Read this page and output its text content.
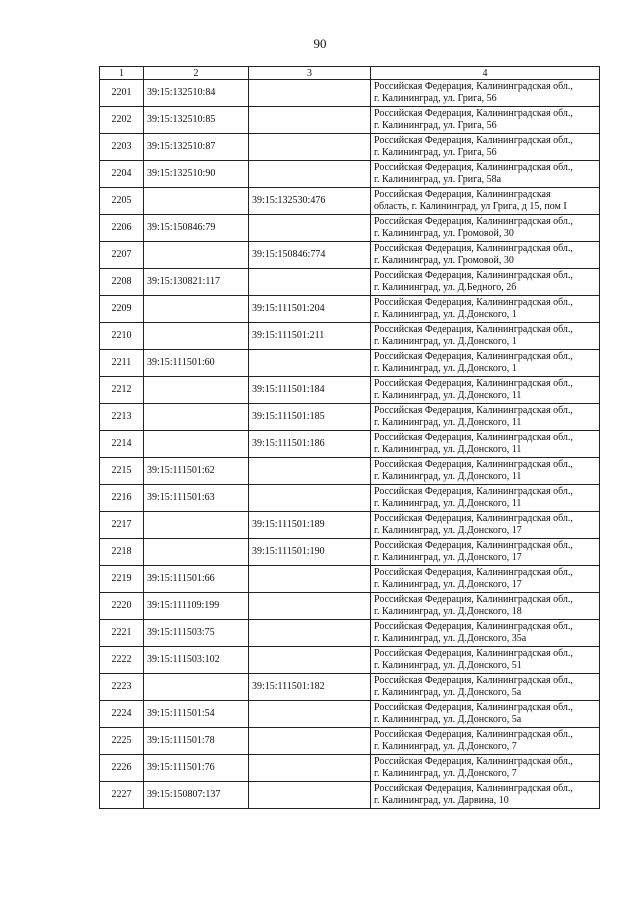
90
1	2	3	4
2201	39:15:132510:84		Российская Федерация, Калининградская обл.,
г. Калининград, ул. Грига, 56

2202	39:15:132510:85		Российская Федерация, Калининградская обл.,
г. Калининград, ул. Грига, 56

2203	39:15:132510:87		Российская Федерация, Калининградская обл.,
г. Калининград, ул. Грига, 56

2204	39:15:132510:90		Российская Федерация, Калининградская обл.,
г. Калининград, ул. Грига, 58а

2205		39:15:132530:476	Российская Федерация, Калининградская
область, г. Калининград, ул Грига, д 15, пом I

2206	39:15:150846:79		Российская Федерация, Калининградская обл.,
г. Калининград, ул. Громовой, 30

2207		39:15:150846:774	Российская Федерация, Калининградская обл.,
г. Калининград, ул. Громовой, 30

2208	39:15:130821:117		Российская Федерация, Калининградская обл.,
г. Калининград, ул. Д.Бедного, 2б

2209		39:15:111501:204	Российская Федерация, Калининградская обл.,
г. Калининград, ул. Д.Донского, 1

2210		39:15:111501:211	Российская Федерация, Калининградская обл.,
г. Калининград, ул. Д.Донского, 1

2211	39:15:111501:60		Российская Федерация, Калининградская обл.,
г. Калининград, ул. Д.Донского, 1

2212		39:15:111501:184	Российская Федерация, Калининградская обл.,
г. Калининград, ул. Д.Донского, 11

2213		39:15:111501:185	Российская Федерация, Калининградская обл.,
г. Калининград, ул. Д.Донского, 11

2214		39:15:111501:186	Российская Федерация, Калининградская обл.,
г. Калининград, ул. Д.Донского, 11

2215	39:15:111501:62		Российская Федерация, Калининградская обл.,
г. Калининград, ул. Д.Донского, 11

2216	39:15:111501:63		Российская Федерация, Калининградская обл.,
г. Калининград, ул. Д.Донского, 11

2217		39:15:111501:189	Российская Федерация, Калининградская обл.,
г. Калининград, ул. Д.Донского, 17

2218		39:15:111501:190	Российская Федерация, Калининградская обл.,
г. Калининград, ул. Д.Донского, 17

2219	39:15:111501:66		Российская Федерация, Калининградская обл.,
г. Калининград, ул. Д.Донского, 17

2220	39:15:111109:199		Российская Федерация, Калининградская обл.,
г. Калининград, ул. Д.Донского, 18

2221	39:15:111503:75		Российская Федерация, Калининградская обл.,
г. Калининград, ул. Д.Донского, 35а

2222	39:15:111503:102		Российская Федерация, Калининградская обл.,
г. Калининград, ул. Д.Донского, 51

2223		39:15:111501:182	Российская Федерация, Калининградская обл.,
г. Калининград, ул. Д.Донского, 5а

2224	39:15:111501:54		Российская Федерация, Калининградская обл.,
г. Калининград, ул. Д.Донского, 5а

2225	39:15:111501:78		Российская Федерация, Калининградская обл.,
г. Калининград, ул. Д.Донского, 7

2226	39:15:111501:76		Российская Федерация, Калининградская обл.,
г. Калининград, ул. Д.Донского, 7

2227	39:15:150807:137		Российская Федерация, Калининградская обл.,
г. Калининград, ул. Дарвина, 10
